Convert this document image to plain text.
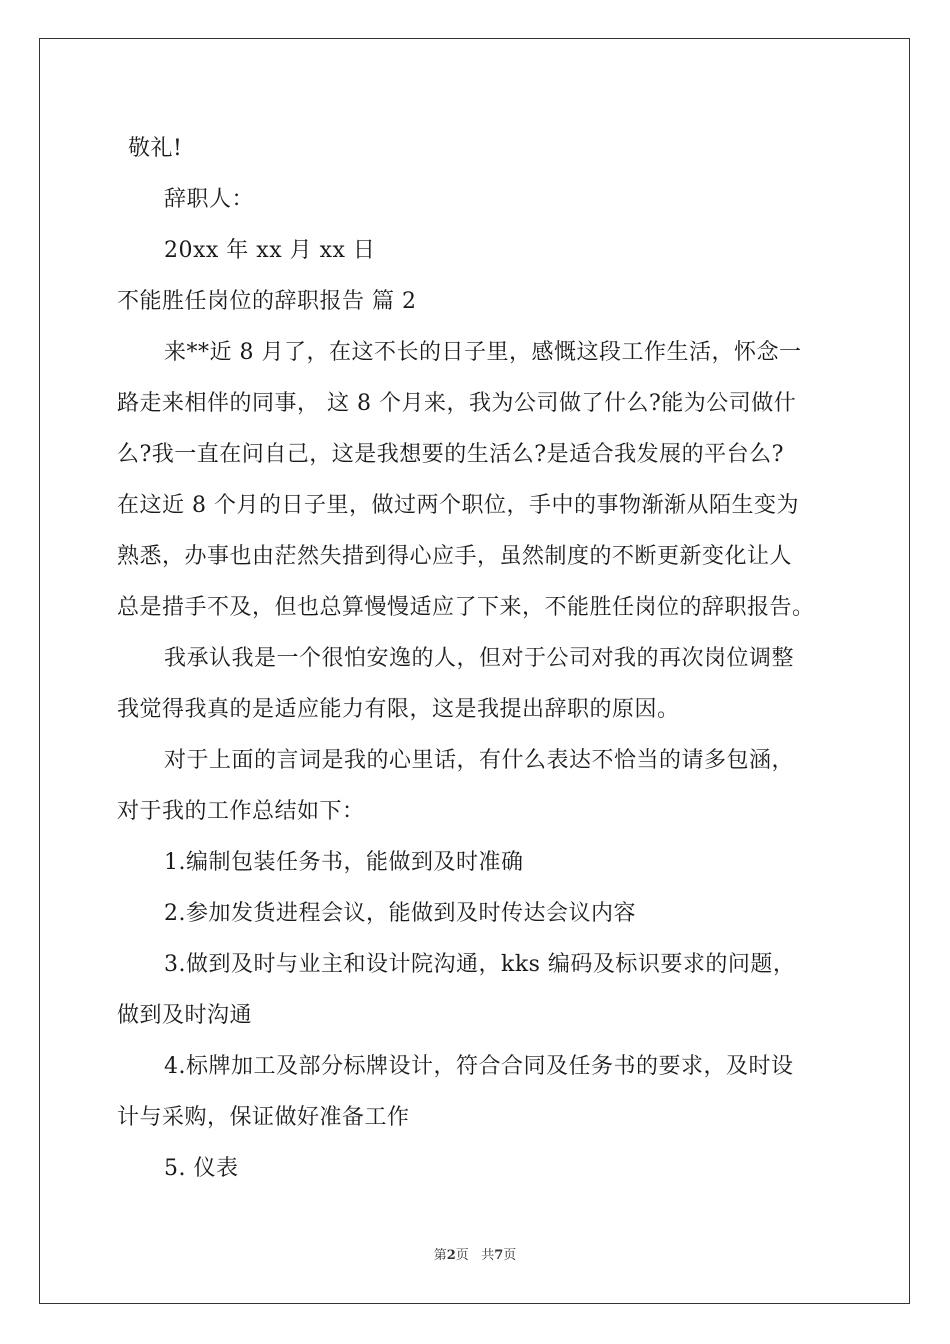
敬礼!
辞职人：
20xx 年 xx 月 xx 日
不能胜任岗位的辞职报告 篇 2
来**近 8 月了，在这不长的日子里，感慨这段工作生活，怀念一
路走来相伴的同事， 这 8 个月来，我为公司做了什么?能为公司做什
么?我一直在问自己，这是我想要的生活么?是适合我发展的平台么?
在这近 8 个月的日子里，做过两个职位，手中的事物渐渐从陌生变为
熟悉，办事也由茫然失措到得心应手，虽然制度的不断更新变化让人
总是措手不及，但也总算慢慢适应了下来，不能胜任岗位的辞职报告。
我承认我是一个很怕安逸的人，但对于公司对我的再次岗位调整
我觉得我真的是适应能力有限，这是我提出辞职的原因。
对于上面的言词是我的心里话，有什么表达不恰当的请多包涵，
对于我的工作总结如下：
1.编制包装任务书，能做到及时准确
2.参加发货进程会议，能做到及时传达会议内容
3.做到及时与业主和设计院沟通，kks 编码及标识要求的问题，
做到及时沟通
4.标牌加工及部分标牌设计，符合合同及任务书的要求，及时设
计与采购，保证做好准备工作
5. 仪表
第2页 共7页
